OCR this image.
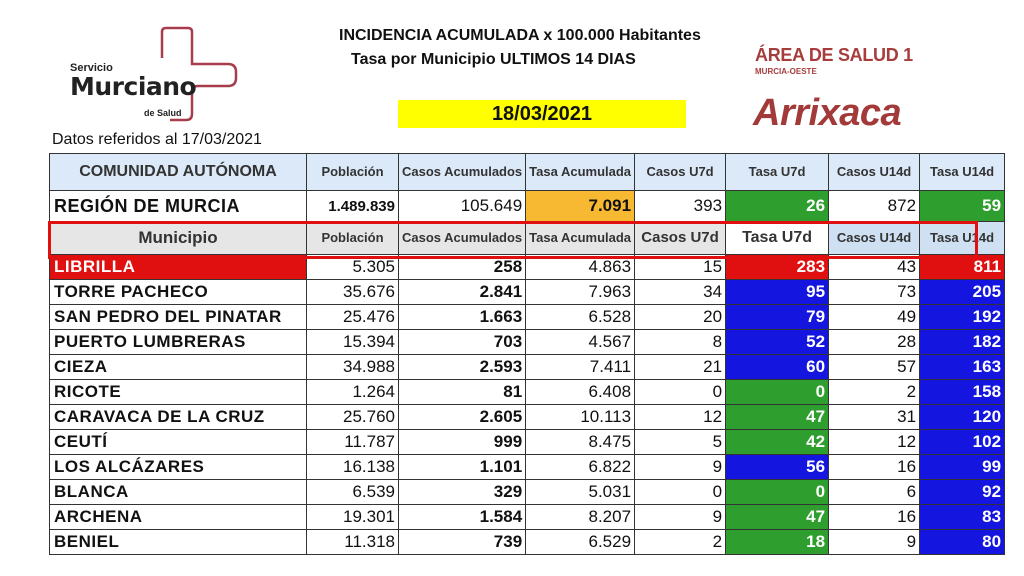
Servicio
Murciano
de Salud
INCIDENCIA ACUMULADA x 100.000 Habitantes
Tasa por Municipio ULTIMOS 14 DIAS
18/03/2021
ÁREA DE SALUD 1
MURCIA-OESTE
Arrixaca
Datos referidos al 17/03/2021
COMUNIDAD AUTÓNOMA	Población	Casos Acumulados	Tasa Acumulada	Casos U7d	Tasa U7d	Casos U14d	Tasa U14d
REGIÓN DE MURCIA	1.489.839	105.649	7.091	393	26	872	59
Municipio	Población	Casos Acumulados	Tasa Acumulada	Casos U7d	Tasa U7d	Casos U14d	Tasa U14d
LIBRILLA	5.305	258	4.863	15	283	43	811
TORRE PACHECO	35.676	2.841	7.963	34	95	73	205
SAN PEDRO DEL PINATAR	25.476	1.663	6.528	20	79	49	192
PUERTO LUMBRERAS	15.394	703	4.567	8	52	28	182
CIEZA	34.988	2.593	7.411	21	60	57	163
RICOTE	1.264	81	6.408	0	0	2	158
CARAVACA DE LA CRUZ	25.760	2.605	10.113	12	47	31	120
CEUTÍ	11.787	999	8.475	5	42	12	102
LOS ALCÁZARES	16.138	1.101	6.822	9	56	16	99
BLANCA	6.539	329	5.031	0	0	6	92
ARCHENA	19.301	1.584	8.207	9	47	16	83
BENIEL	11.318	739	6.529	2	18	9	80
